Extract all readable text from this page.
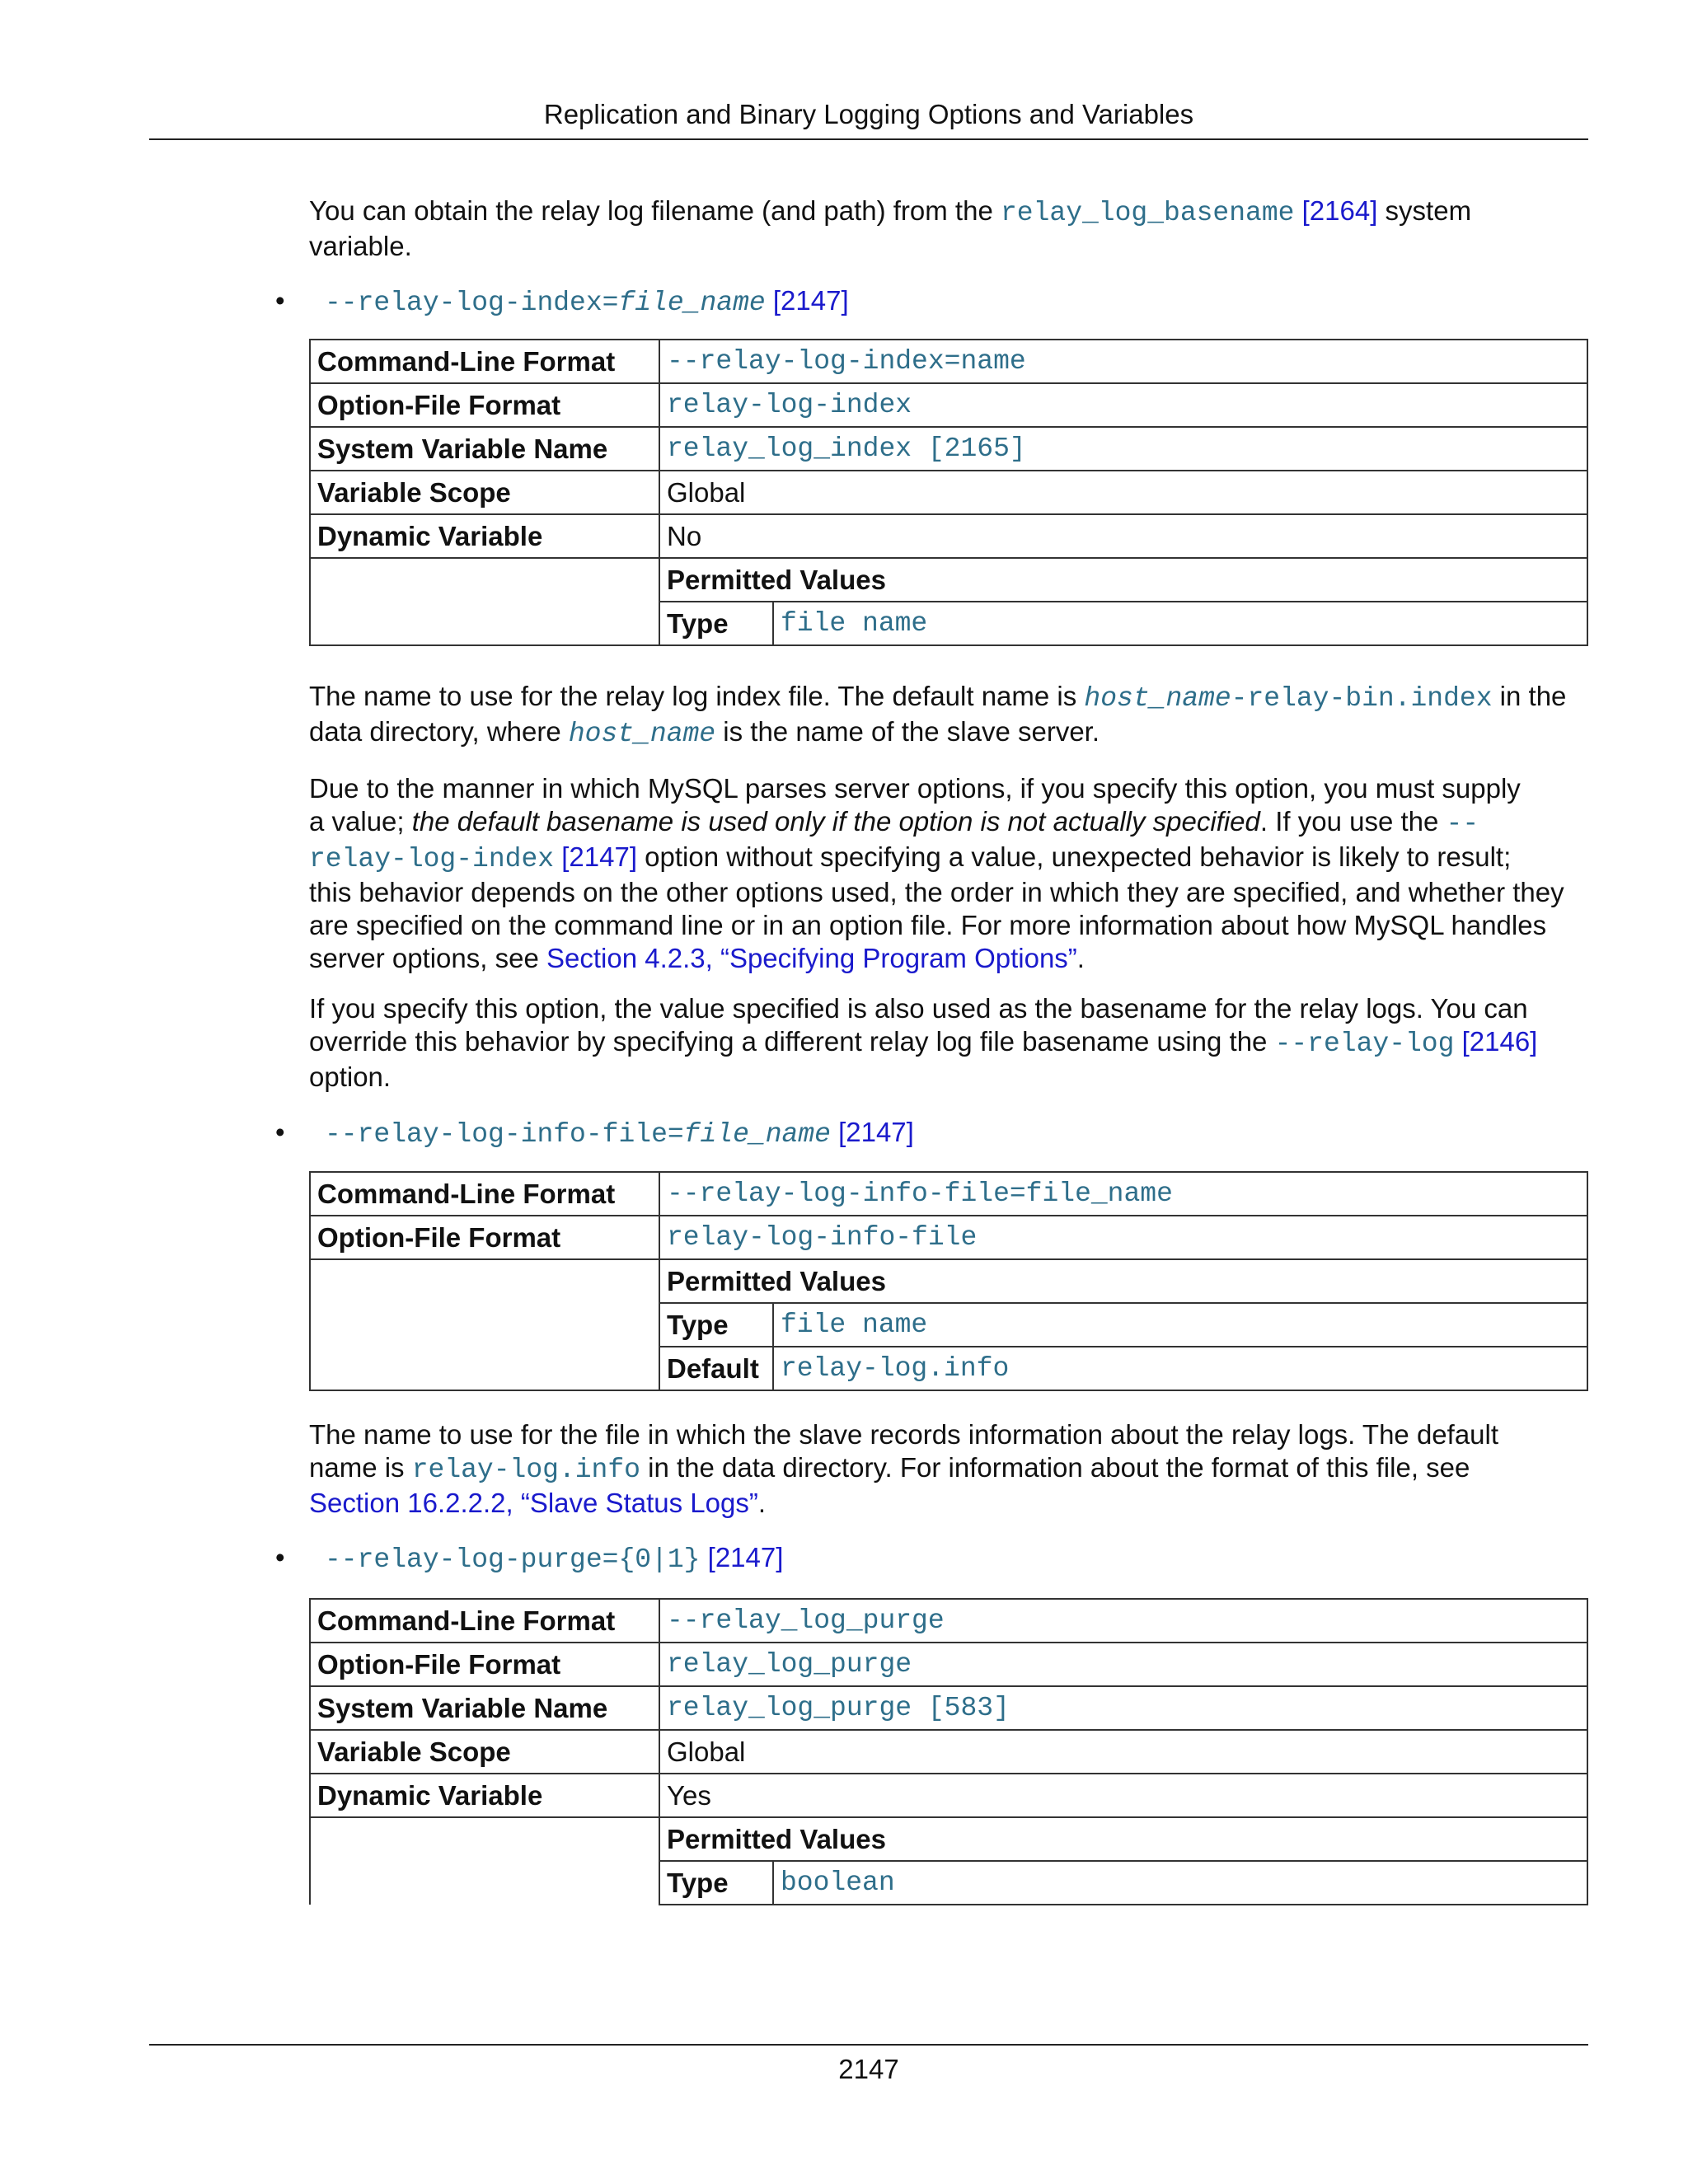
Replication and Binary Logging Options and Variables
You can obtain the relay log filename (and path) from the relay_log_basename [2164] system
variable.
• --relay-log-index=file_name [2147]
Command-Line Format	--relay-log-index=name	
Option-File Format	relay-log-index	
System Variable Name	relay_log_index [2165]	
Variable Scope	Global	
Dynamic Variable	No	
	Permitted Values	
	Type	file name
The name to use for the relay log index file. The default name is host_name-relay-bin.index in the
data directory, where host_name is the name of the slave server.
Due to the manner in which MySQL parses server options, if you specify this option, you must supply
a value; the default basename is used only if the option is not actually specified. If you use the --
relay-log-index [2147] option without specifying a value, unexpected behavior is likely to result;
this behavior depends on the other options used, the order in which they are specified, and whether they
are specified on the command line or in an option file. For more information about how MySQL handles
server options, see Section 4.2.3, “Specifying Program Options”.
If you specify this option, the value specified is also used as the basename for the relay logs. You can
override this behavior by specifying a different relay log file basename using the --relay-log [2146]
option.
• --relay-log-info-file=file_name [2147]
Command-Line Format	--relay-log-info-file=file_name	
Option-File Format	relay-log-info-file	
	Permitted Values	
	Type	file name
	Default	relay-log.info
The name to use for the file in which the slave records information about the relay logs. The default
name is relay-log.info in the data directory. For information about the format of this file, see
Section 16.2.2.2, “Slave Status Logs”.
• --relay-log-purge={0|1} [2147]
Command-Line Format	--relay_log_purge	
Option-File Format	relay_log_purge	
System Variable Name	relay_log_purge [583]	
Variable Scope	Global	
Dynamic Variable	Yes	
	Permitted Values	
	Type	boolean
2147
